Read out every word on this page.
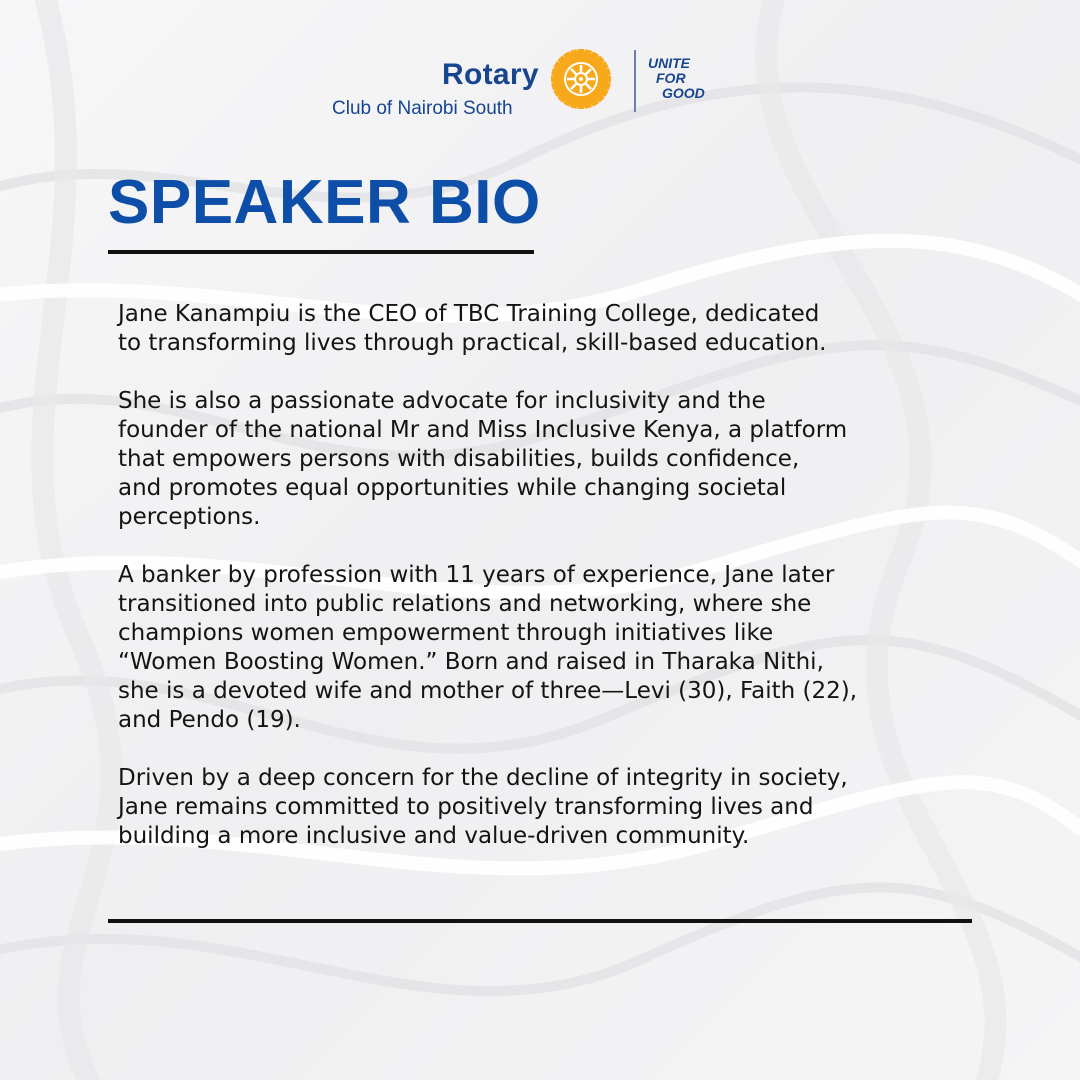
Rotary
Club of Nairobi South
UNITE
FOR
GOOD
SPEAKER BIO

Jane Kanampiu is the CEO of TBC Training College, dedicated
to transforming lives through practical, skill-based education.

She is also a passionate advocate for inclusivity and the
founder of the national Mr and Miss Inclusive Kenya, a platform
that empowers persons with disabilities, builds confidence,
and promotes equal opportunities while changing societal
perceptions.

A banker by profession with 11 years of experience, Jane later
transitioned into public relations and networking, where she
champions women empowerment through initiatives like
“Women Boosting Women.” Born and raised in Tharaka Nithi,
she is a devoted wife and mother of three—Levi (30), Faith (22),
and Pendo (19).

Driven by a deep concern for the decline of integrity in society,
Jane remains committed to positively transforming lives and
building a more inclusive and value-driven community.
